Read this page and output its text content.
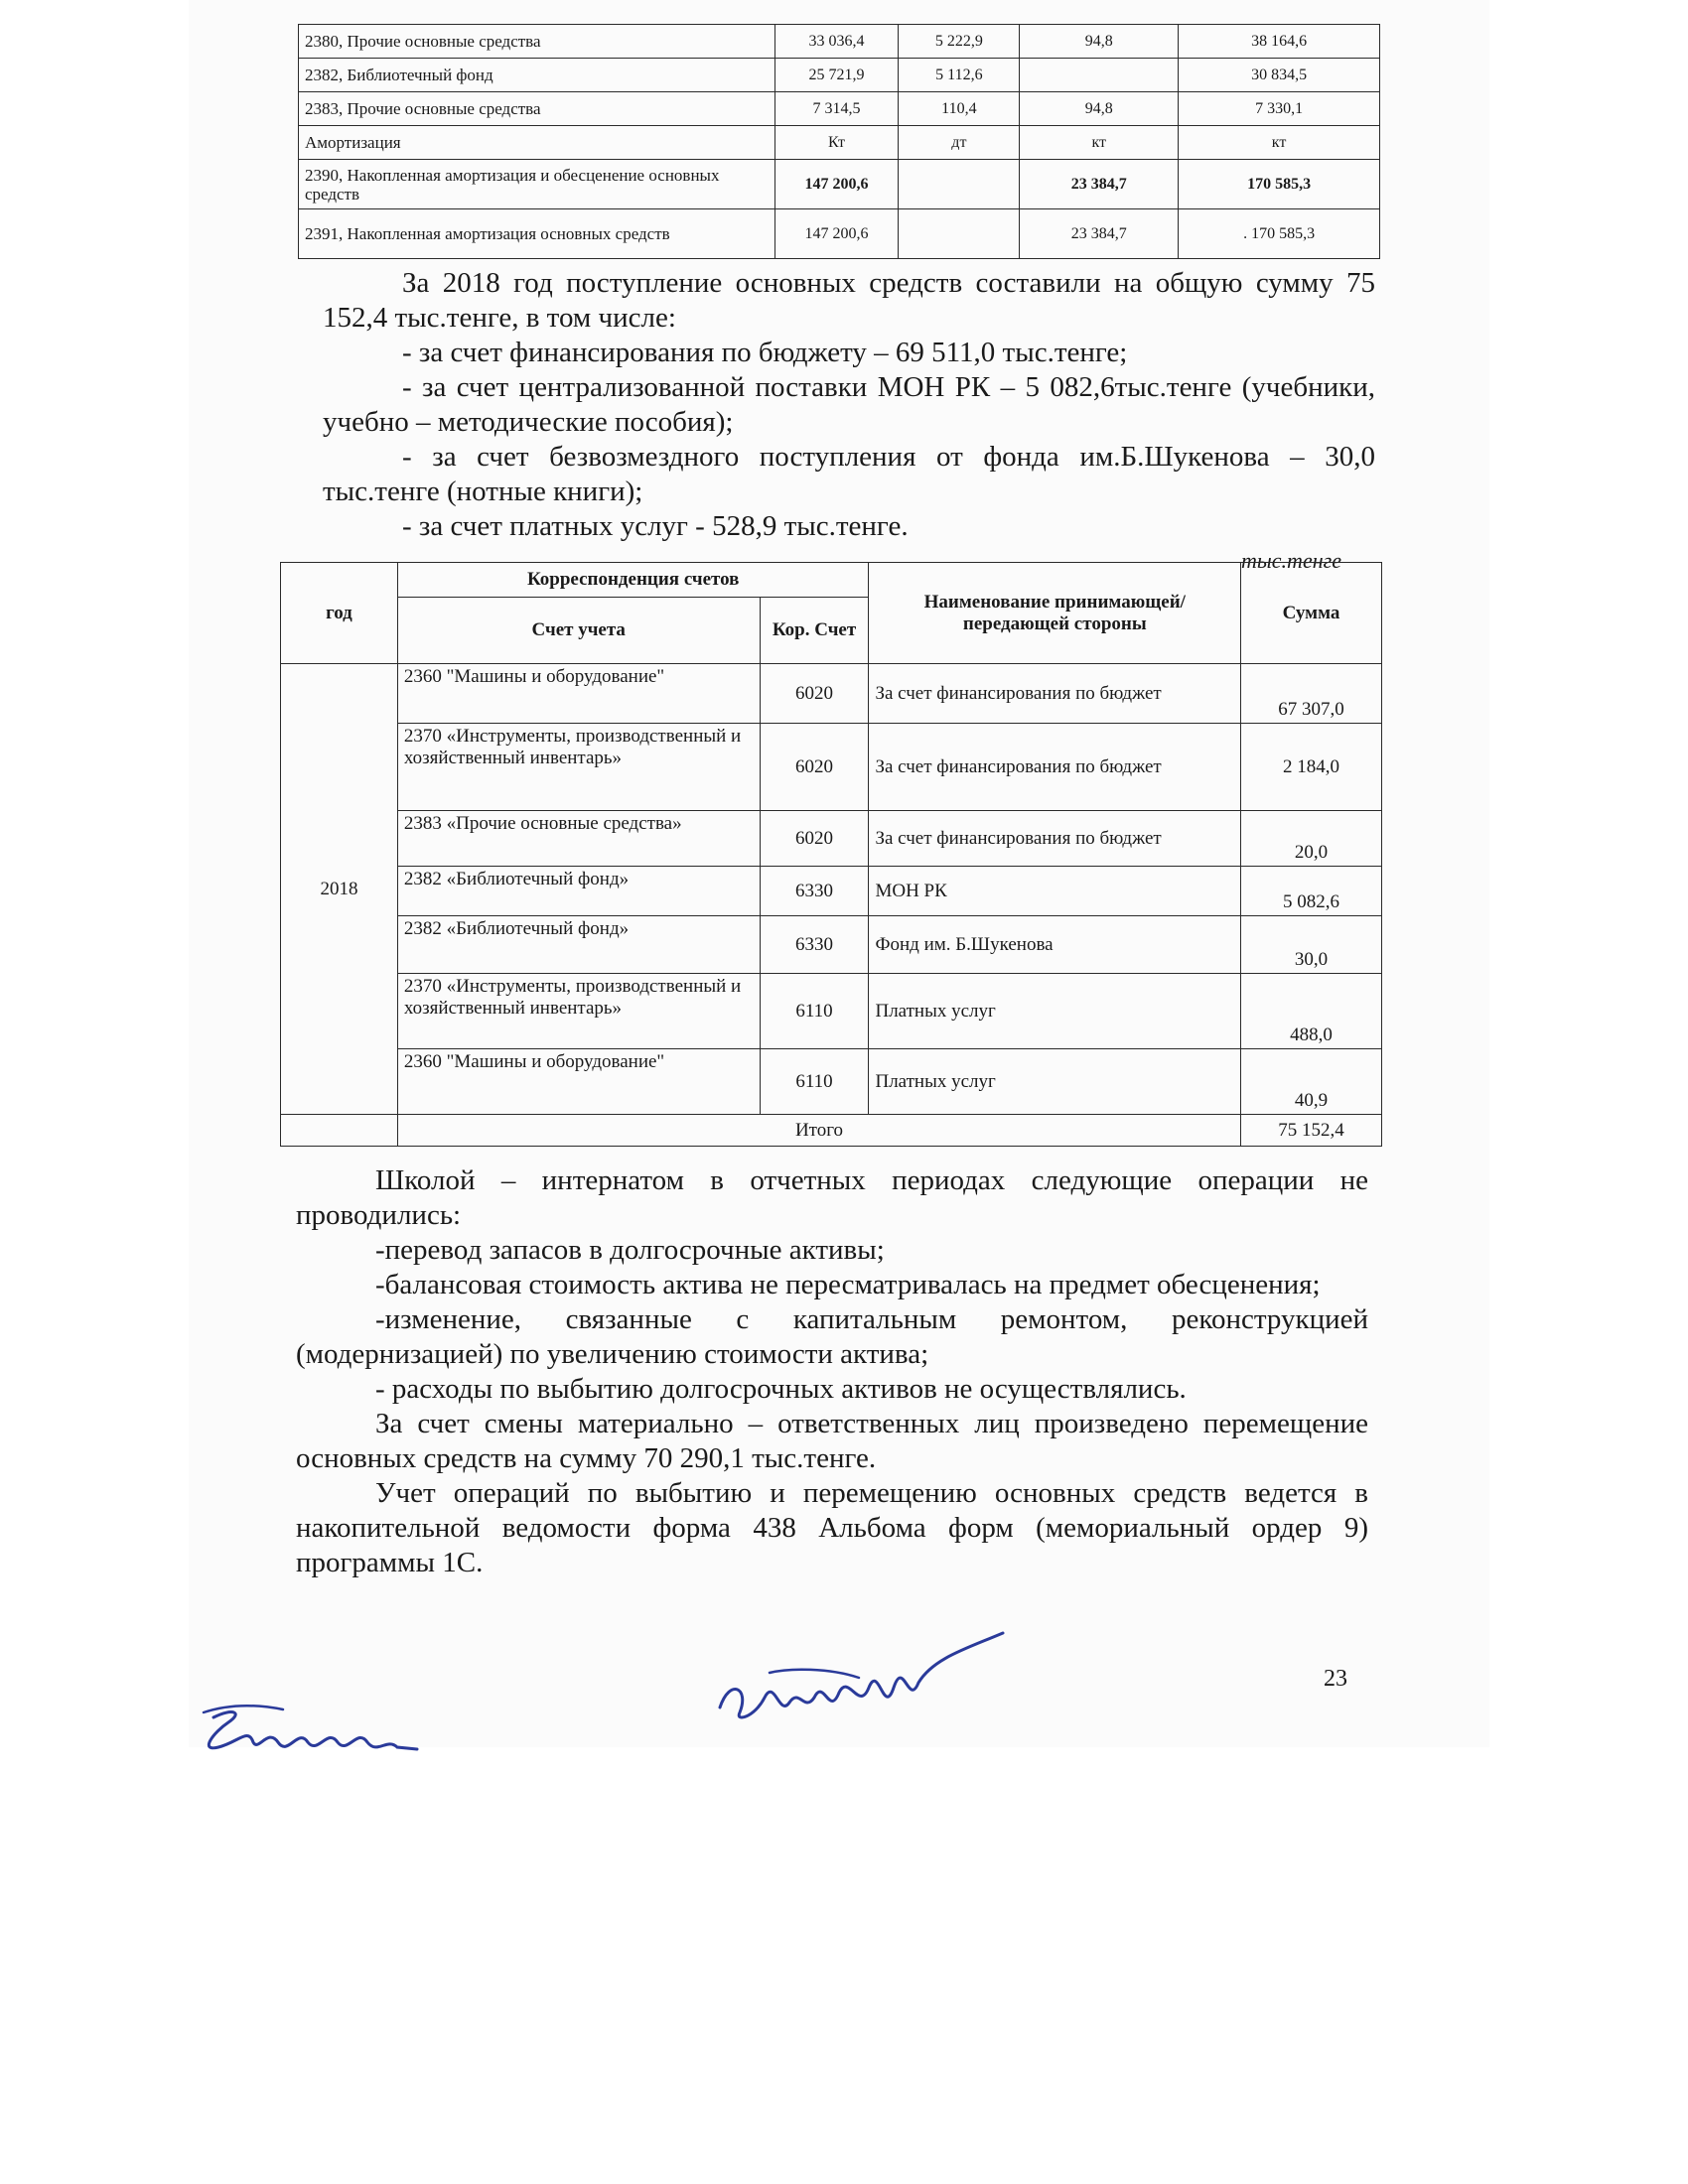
2380, Прочие основные средства	33 036,4	5 222,9	94,8	38 164,6
2382, Библиотечный фонд	25 721,9	5 112,6		30 834,5
2383, Прочие основные средства	7 314,5	110,4	94,8	7 330,1
Амортизация	Кт	дт	кт	кт
2390, Накопленная амортизация и обесценение основных средств	147 200,6		23 384,7	170 585,3
2391, Накопленная амортизация основных средств	147 200,6		23 384,7	. 170 585,3
За 2018 год поступление основных средств составили на общую сумму 75 152,4 тыс.тенге, в том числе:
- за счет финансирования по бюджету – 69 511,0 тыс.тенге;
- за счет централизованной поставки МОН РК – 5 082,6тыс.тенге (учебники, учебно – методические пособия);
- за счет безвозмездного поступления от фонда им.Б.Шукенова – 30,0 тыс.тенге (нотные книги);
- за счет платных услуг - 528,9 тыс.тенге.
тыс.тенге
год	Корреспонденция счетов		Наименование принимающей/ передающей стороны	Сумма
	Счет учета	Кор. Счет		
2018	2360 "Машины и оборудование"	6020	За счет финансирования по бюджет	67 307,0
	2370 «Инструменты, производственный и хозяйственный инвентарь»	6020	За счет финансирования по бюджет	2 184,0
	2383 «Прочие основные средства»	6020	За счет финансирования по бюджет	20,0
	2382 «Библиотечный фонд»	6330	МОН РК	5 082,6
	2382 «Библиотечный фонд»	6330	Фонд им. Б.Шукенова	30,0
	2370 «Инструменты, производственный и хозяйственный инвентарь»	6110	Платных услуг	488,0
	2360 "Машины и оборудование"	6110	Платных услуг	40,9
	Итого			75 152,4
Школой – интернатом в отчетных периодах следующие операции не проводились:
-перевод запасов в долгосрочные активы;
-балансовая стоимость актива не пересматривалась на предмет обесценения;
-изменение, связанные с капитальным ремонтом, реконструкцией (модернизацией) по увеличению стоимости актива;
- расходы по выбытию долгосрочных активов не осуществлялись.
За счет смены материально – ответственных лиц произведено перемещение основных средств на сумму 70 290,1 тыс.тенге.
Учет операций по выбытию и перемещению основных средств ведется в накопительной ведомости форма 438 Альбома форм (мемориальный ордер 9) программы 1С.
23
